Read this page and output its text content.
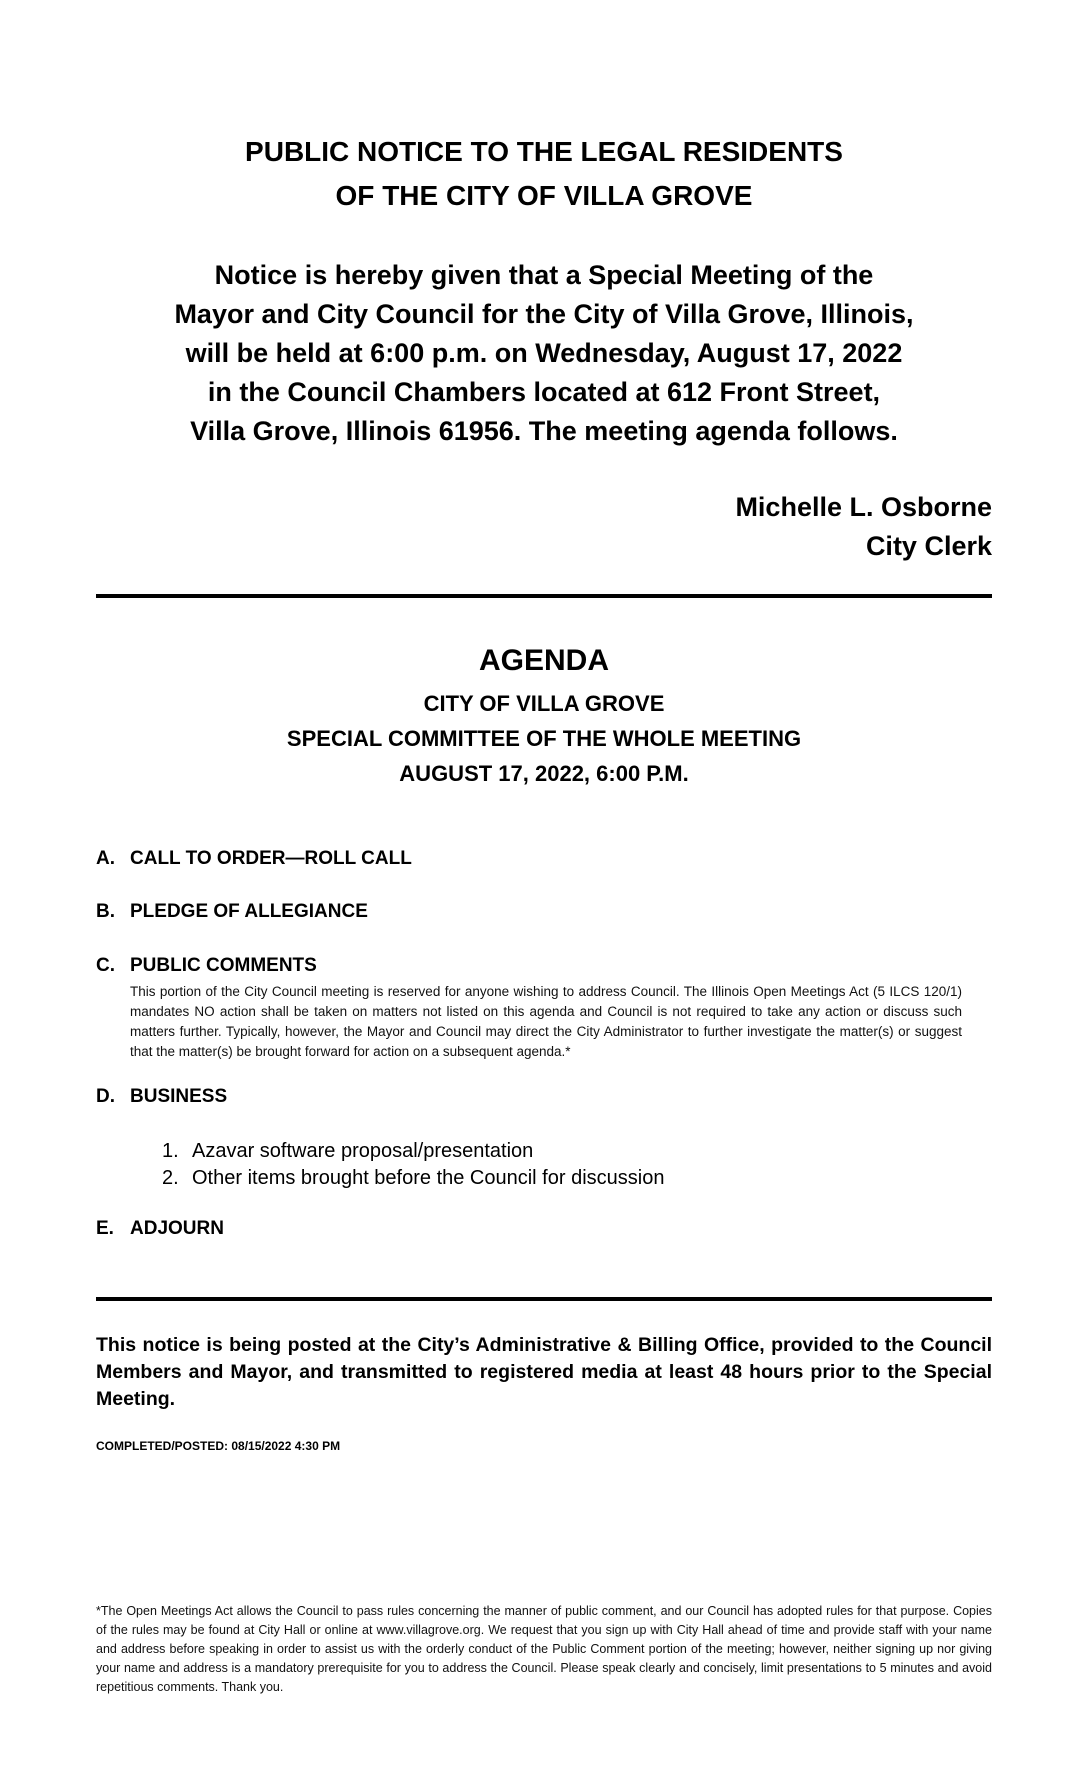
PUBLIC NOTICE TO THE LEGAL RESIDENTS
OF THE CITY OF VILLA GROVE
Notice is hereby given that a Special Meeting of the
Mayor and City Council for the City of Villa Grove, Illinois,
will be held at 6:00 p.m. on Wednesday, August 17, 2022
in the Council Chambers located at 612 Front Street,
Villa Grove, Illinois 61956. The meeting agenda follows.
Michelle L. Osborne
City Clerk
AGENDA
CITY OF VILLA GROVE
SPECIAL COMMITTEE OF THE WHOLE MEETING
AUGUST 17, 2022, 6:00 P.M.
A. CALL TO ORDER—ROLL CALL
B. PLEDGE OF ALLEGIANCE
C. PUBLIC COMMENTS
This portion of the City Council meeting is reserved for anyone wishing to address Council. The Illinois Open Meetings Act (5 ILCS 120/1) mandates NO action shall be taken on matters not listed on this agenda and Council is not required to take any action or discuss such matters further. Typically, however, the Mayor and Council may direct the City Administrator to further investigate the matter(s) or suggest that the matter(s) be brought forward for action on a subsequent agenda.*
D. BUSINESS
1. Azavar software proposal/presentation
2. Other items brought before the Council for discussion
E. ADJOURN
This notice is being posted at the City’s Administrative & Billing Office, provided to the Council Members and Mayor, and transmitted to registered media at least 48 hours prior to the Special Meeting.
COMPLETED/POSTED: 08/15/2022 4:30 PM
*The Open Meetings Act allows the Council to pass rules concerning the manner of public comment, and our Council has adopted rules for that purpose. Copies of the rules may be found at City Hall or online at www.villagrove.org. We request that you sign up with City Hall ahead of time and provide staff with your name and address before speaking in order to assist us with the orderly conduct of the Public Comment portion of the meeting; however, neither signing up nor giving your name and address is a mandatory prerequisite for you to address the Council. Please speak clearly and concisely, limit presentations to 5 minutes and avoid repetitious comments. Thank you.
